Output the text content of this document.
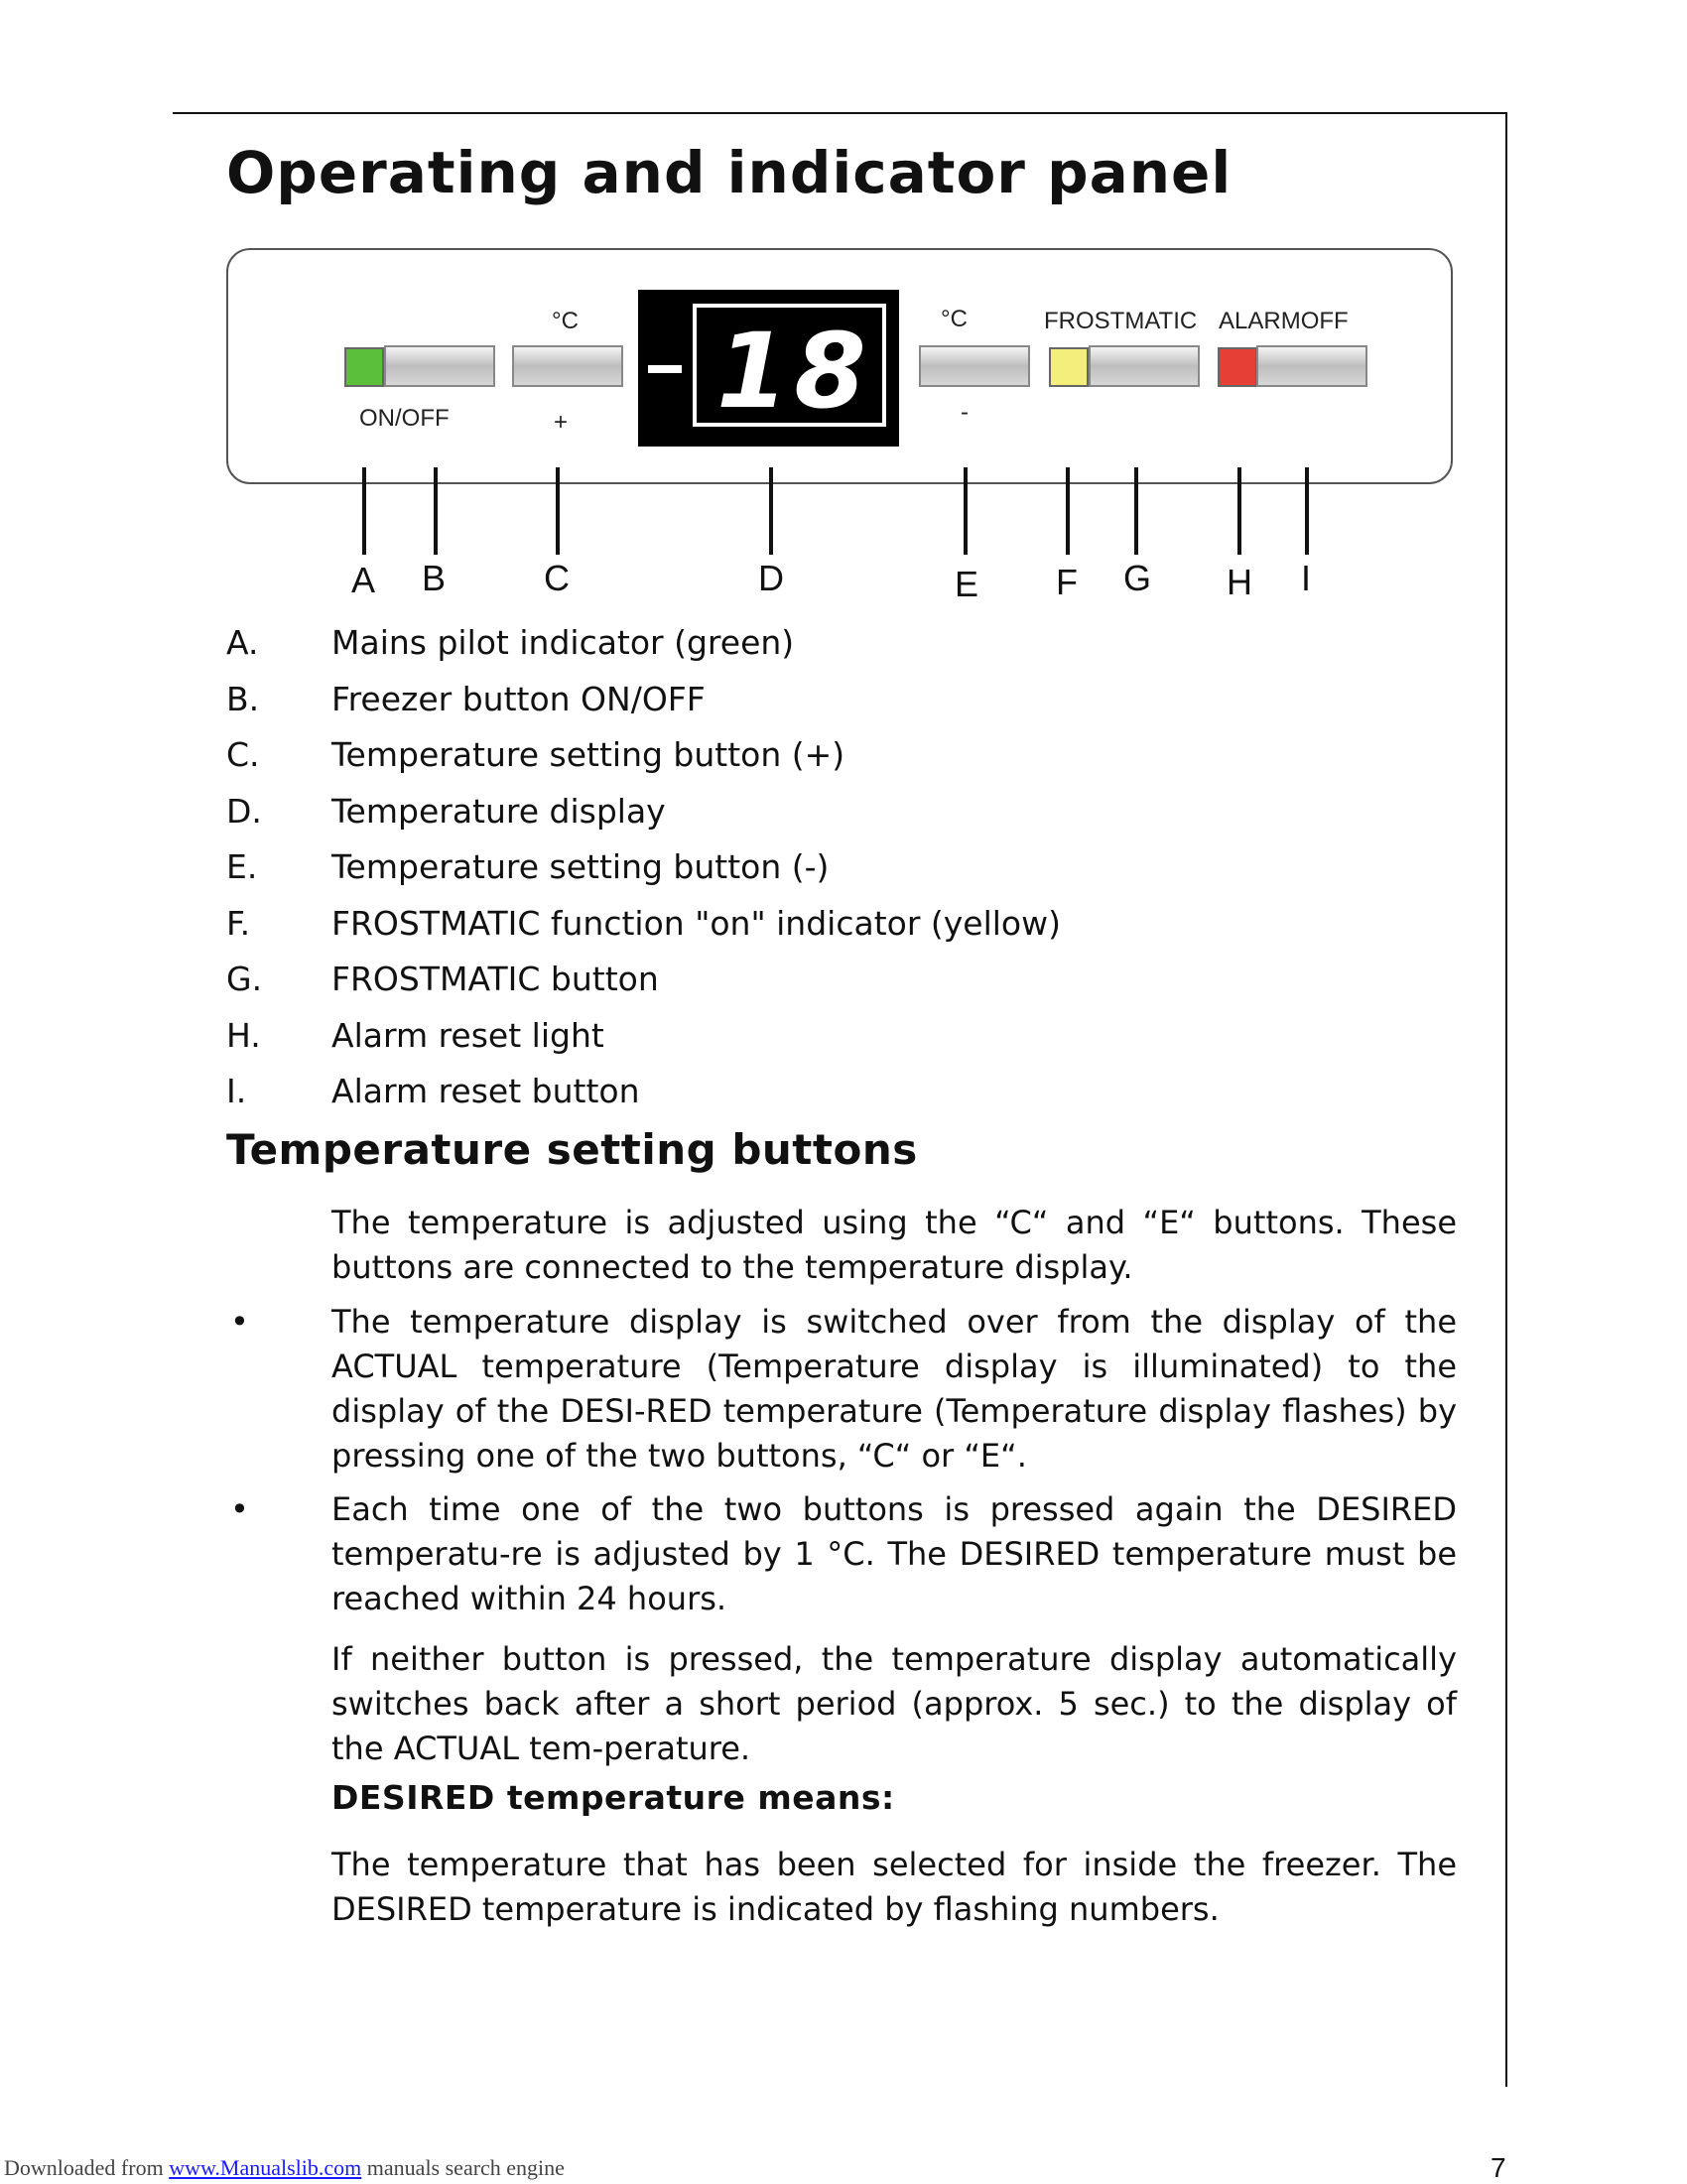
Operating and indicator panel
ON/OFF
°C
+ 18	°C
-
FROSTMATIC ALARMOFF
A B	C	D	E F G H I
A.	Mains pilot indicator (green)
B.	Freezer button ON/OFF
C.	Temperature setting button (+)
D.	Temperature display
E.	Temperature setting button (-)
F.	FROSTMATIC function "on" indicator (yellow)
G.	FROSTMATIC button
H.	Alarm reset light
I.	Alarm reset button
Temperature setting buttons

The temperature is adjusted using the “C“ and “E“ buttons. These buttons are connected to the temperature display.

•	The temperature display is switched over from the display of the ACTUAL temperature (Temperature display is illuminated) to the display of the DESI-RED temperature (Temperature display flashes) by pressing one of the two buttons, “C“ or “E“.

•	Each time one of the two buttons is pressed again the DESIRED temperatu-re is adjusted by 1 °C. The DESIRED temperature must be reached within 24 hours.

If neither button is pressed, the temperature display automatically switches back after a short period (approx. 5 sec.) to the display of the ACTUAL tem-perature.

DESIRED temperature means:

The temperature that has been selected for inside the freezer. The DESIRED temperature is indicated by flashing numbers.

7
Downloaded from www.Manualslib.com manuals search engine
